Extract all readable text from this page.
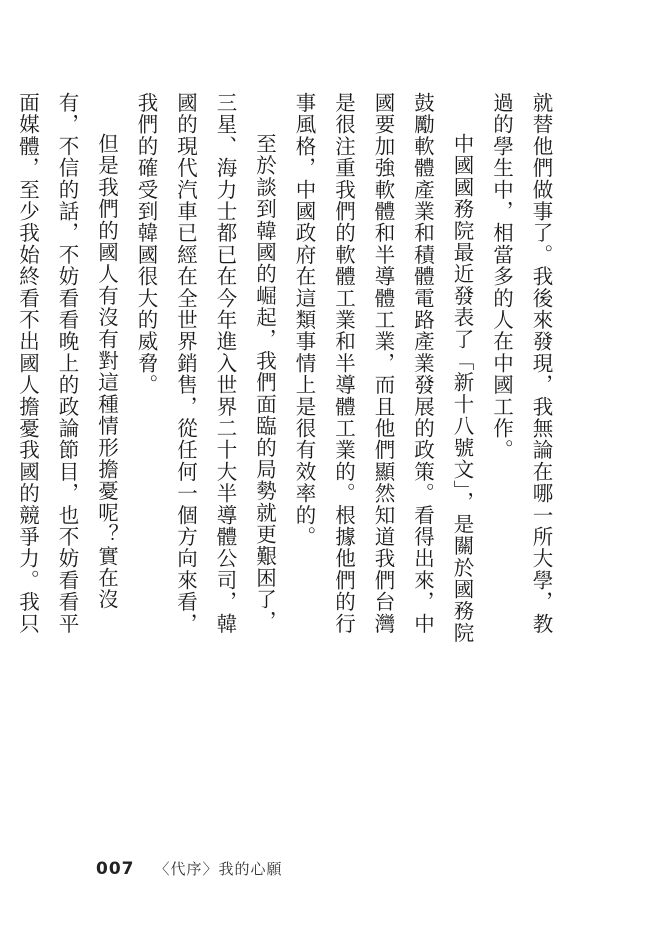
就替他們做事了。我後來發現，我無論在哪一所大學，教過的學生中，相當多的人在中國工作。

中國國務院最近發表了「新十八號文」，是關於國務院鼓勵軟體產業和積體電路產業發展的政策。看得出來，中國要加強軟體和半導體工業，而且他們顯然知道我們台灣是很注重我們的軟體工業和半導體工業的。根據他們的行事風格，中國政府在這類事情上是很有效率的。

至於談到韓國的崛起，我們面臨的局勢就更艱困了，三星、海力士都已在今年進入世界二十大半導體公司，韓國的現代汽車已經在全世界銷售，從任何一個方向來看，我們的確受到韓國很大的威脅。

但是我們的國人有沒有對這種情形擔憂呢？實在沒有，不信的話，不妨看看晚上的政論節目，也不妨看看平面媒體，至少我始終看不出國人擔憂我國的競爭力。我只

007 〈代序〉我的心願
